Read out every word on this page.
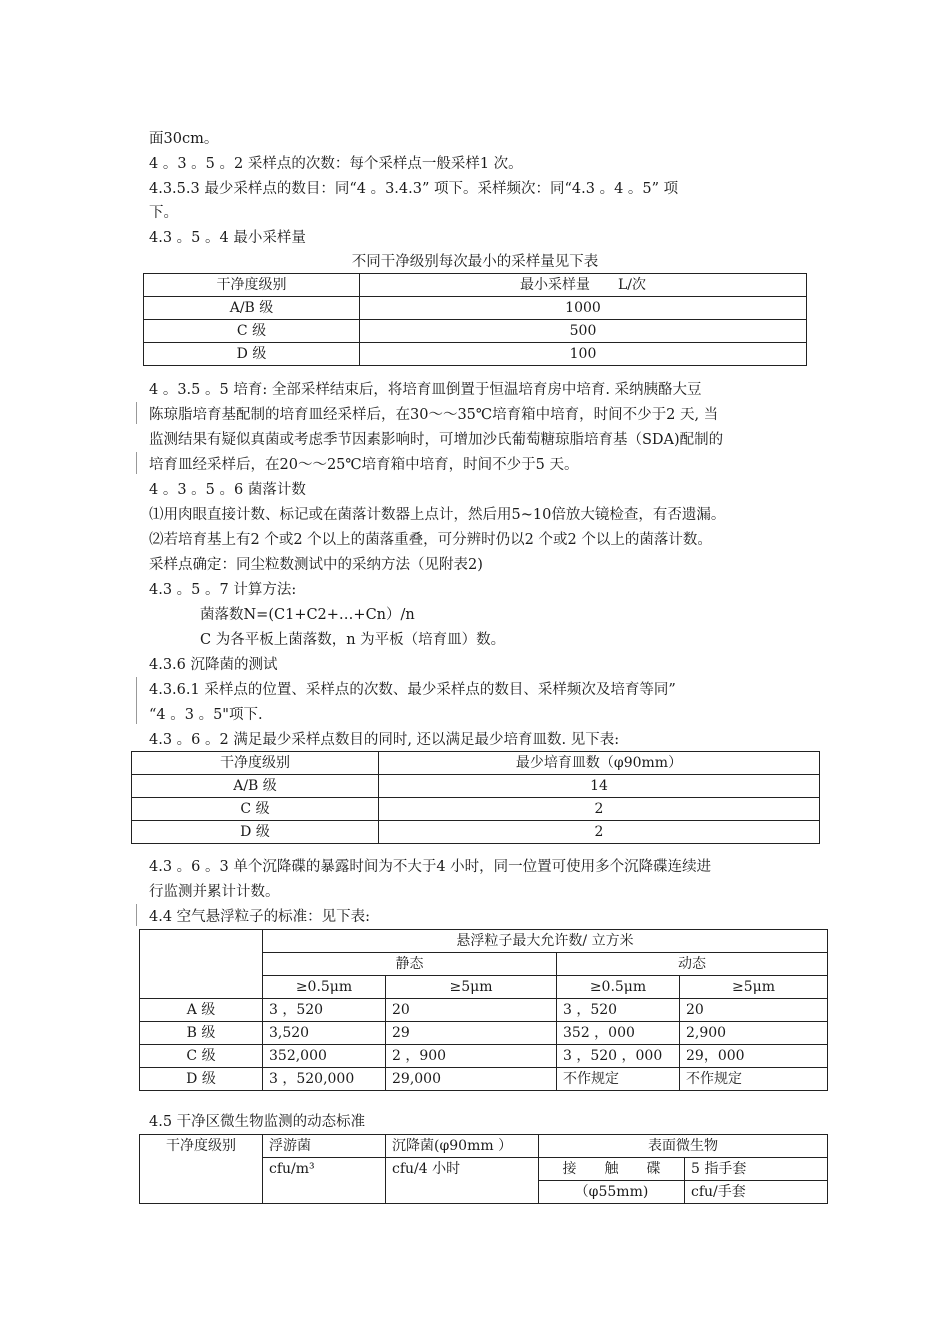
面30cm。
4 。3 。5 。2 采样点的次数：每个采样点一般采样1 次。
4.3.5.3 最少采样点的数目：同“4 。3.4.3” 项下。采样频次：同“4.3 。4 。5” 项
下。
4.3 。5 。4 最小采样量
不同干净级别每次最小的采样量见下表
干净度级别	最小采样量　　L/次
A/B 级	1000
C 级	500
D 级	100
4 。3.5 。5 培育: 全部采样结束后，将培育皿倒置于恒温培育房中培育. 采纳胰酪大豆
陈琼脂培育基配制的培育皿经采样后，在30～～35℃培育箱中培育，时间不少于2 天, 当
监测结果有疑似真菌或考虑季节因素影响时，可增加沙氏葡萄糖琼脂培育基（SDA)配制的
培育皿经采样后，在20～～25℃培育箱中培育，时间不少于5 天。
4 。3 。5 。6 菌落计数
⑴用肉眼直接计数、标记或在菌落计数器上点计，然后用5~10倍放大镜检查，有否遗漏。
⑵若培育基上有2 个或2 个以上的菌落重叠，可分辨时仍以2 个或2 个以上的菌落计数。
采样点确定：同尘粒数测试中的采纳方法（见附表2)
4.3 。5 。7 计算方法:
菌落数N=(C1+C2+…+Cn）/n
C 为各平板上菌落数，n 为平板（培育皿）数。
4.3.6 沉降菌的测试
4.3.6.1 采样点的位置、采样点的次数、最少采样点的数目、采样频次及培育等同”
“4 。3 。5"项下.
4.3 。6 。2 满足最少采样点数目的同时, 还以满足最少培育皿数. 见下表:
干净度级别	最少培育皿数（φ90mm）
A/B 级	14
C 级	2
D 级	2
4.3 。6 。3 单个沉降碟的暴露时间为不大于4 小时，同一位置可使用多个沉降碟连续进
行监测并累计计数。
4.4 空气悬浮粒子的标准：见下表:
	悬浮粒子最大允许数/ 立方米			
	静态		动态	
	≥0.5μm	≥5μm	≥0.5μm	≥5μm
A 级	3 ，520	20	3 ，520	20
B 级	3,520	29	352 ，000	2,900
C 级	352,000	2 ，900	3 ，520 ，000	29，000
D 级	3 ，520,000	29,000	不作规定	不作规定
4.5 干净区微生物监测的动态标准
干净度级别	浮游菌	沉降菌(φ90mm ）	表面微生物	
	cfu/m³	cfu/4 小时	接　　触　　碟	5 指手套
			（φ55mm)	cfu/手套
